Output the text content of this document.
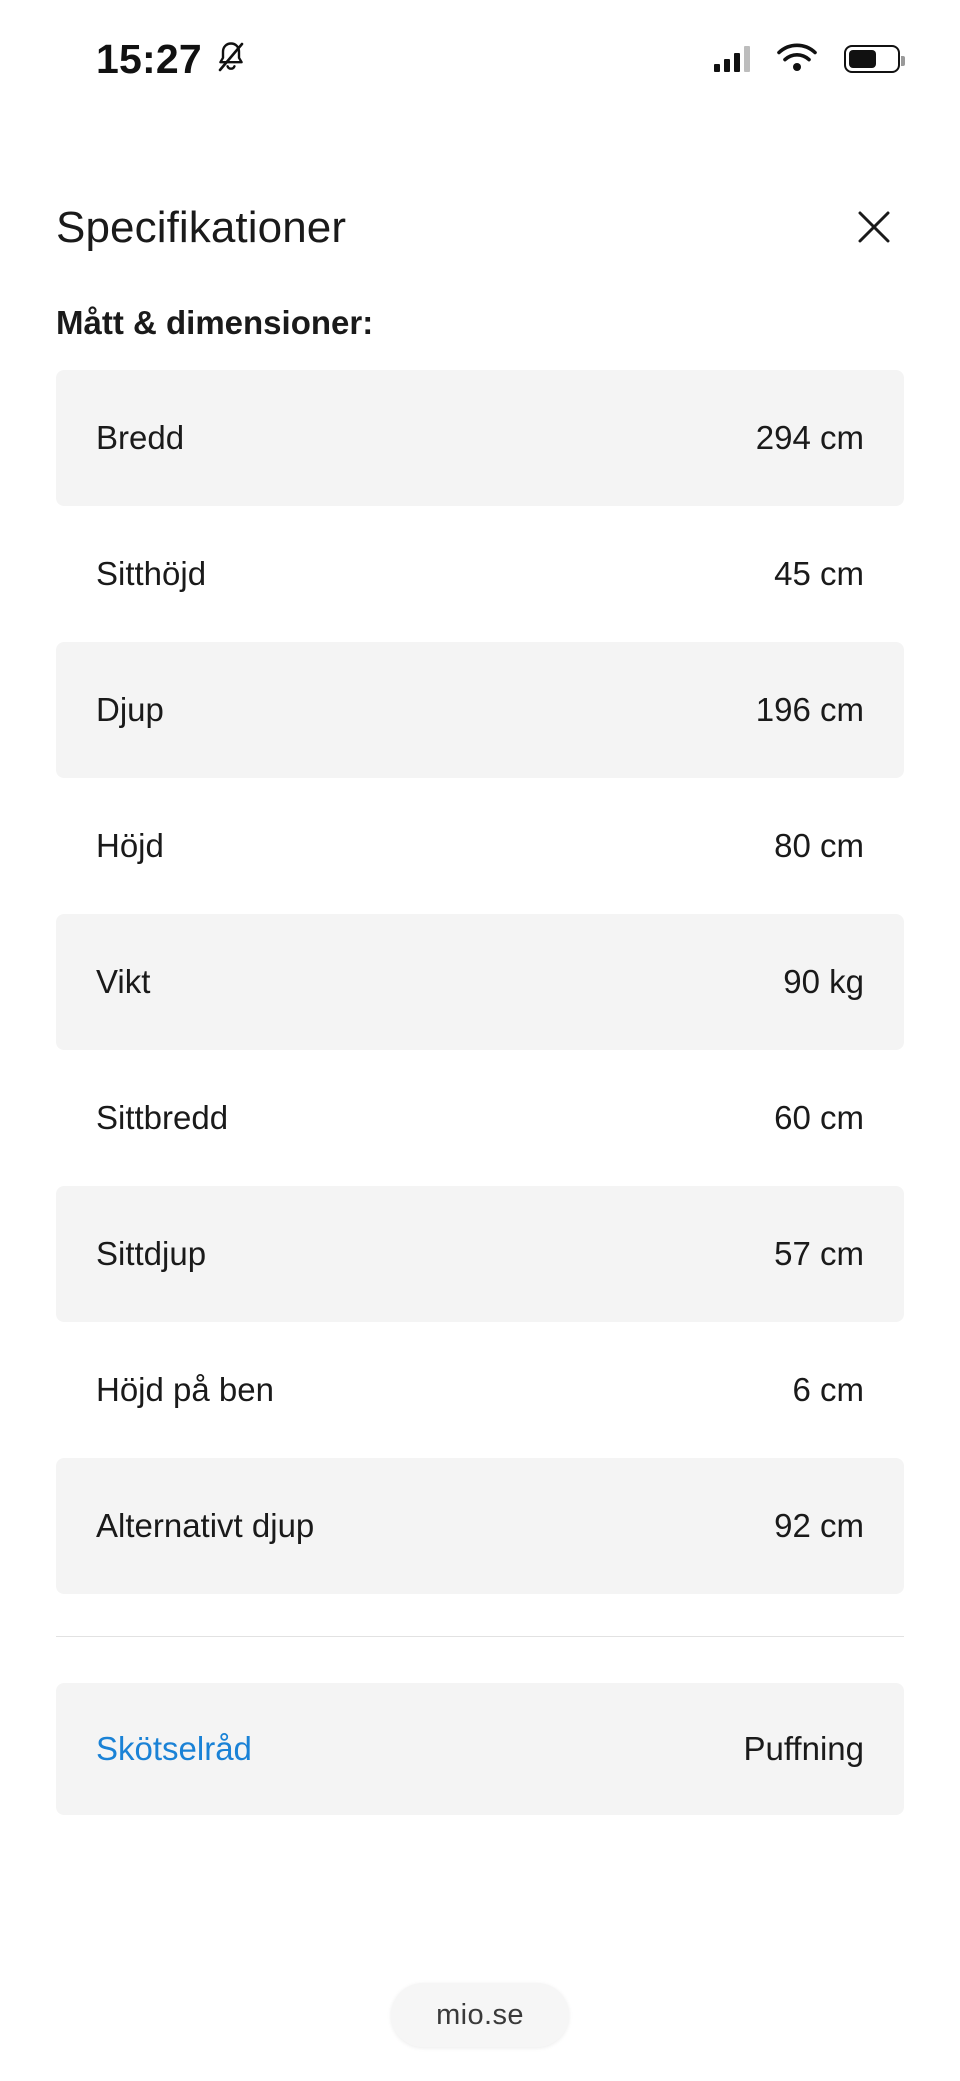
15:27
Specifikationer
Mått & dimensioner:
Bredd	294 cm
Sitthöjd	45 cm
Djup	196 cm
Höjd	80 cm
Vikt	90 kg
Sittbredd	60 cm
Sittdjup	57 cm
Höjd på ben	6 cm
Alternativt djup	92 cm
Skötselråd	Puffning
mio.se
